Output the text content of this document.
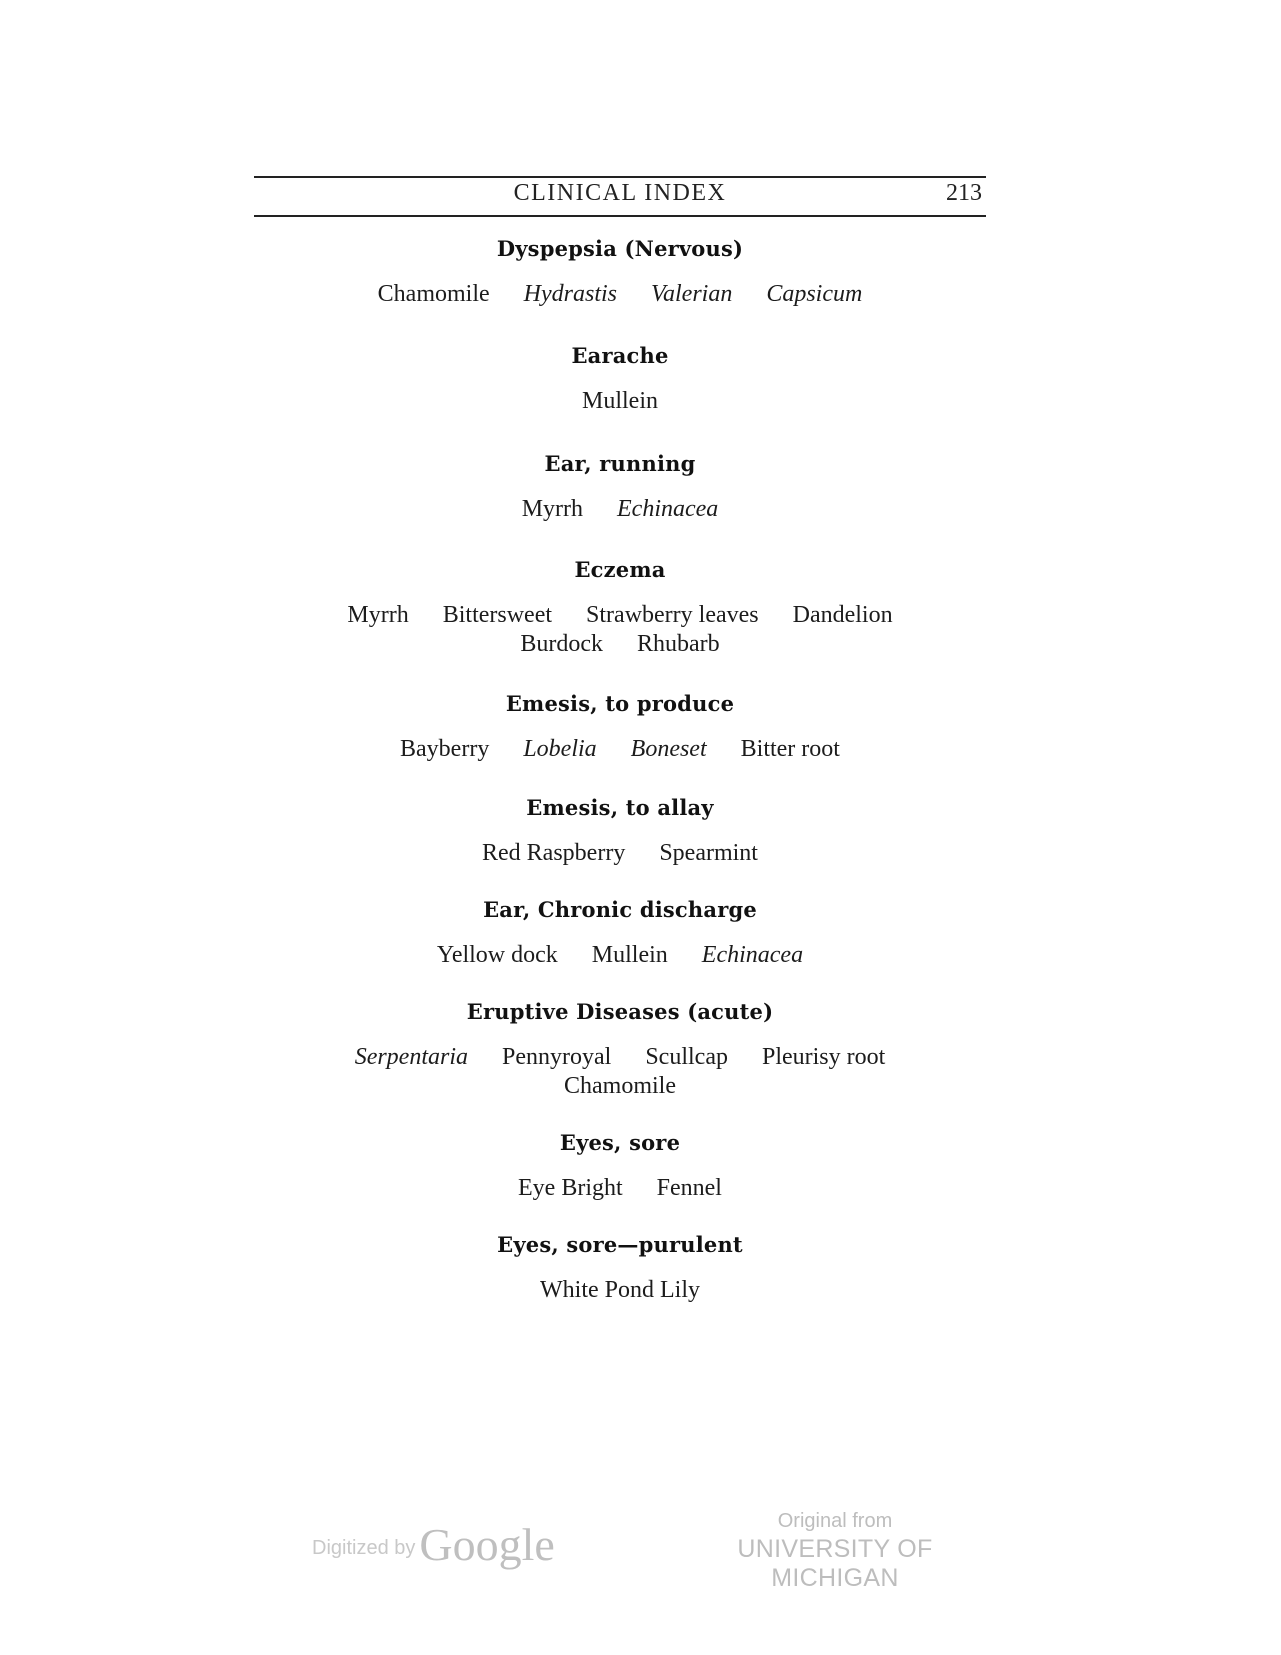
CLINICAL INDEX	213
Dyspepsia (Nervous)
Chamomile Hydrastis Valerian Capsicum
Earache
Mullein
Ear, running
Myrrh Echinacea
Eczema
Myrrh Bittersweet Strawberry leaves Dandelion
Burdock Rhubarb
Emesis, to produce
Bayberry Lobelia Boneset Bitter root
Emesis, to allay
Red Raspberry Spearmint
Ear, Chronic discharge
Yellow dock Mullein Echinacea
Eruptive Diseases (acute)
Serpentaria Pennyroyal Scullcap Pleurisy root
Chamomile
Eyes, sore
Eye Bright Fennel
Eyes, sore—purulent
White Pond Lily
Digitized byGoogle	Original from
UNIVERSITY OF MICHIGAN
